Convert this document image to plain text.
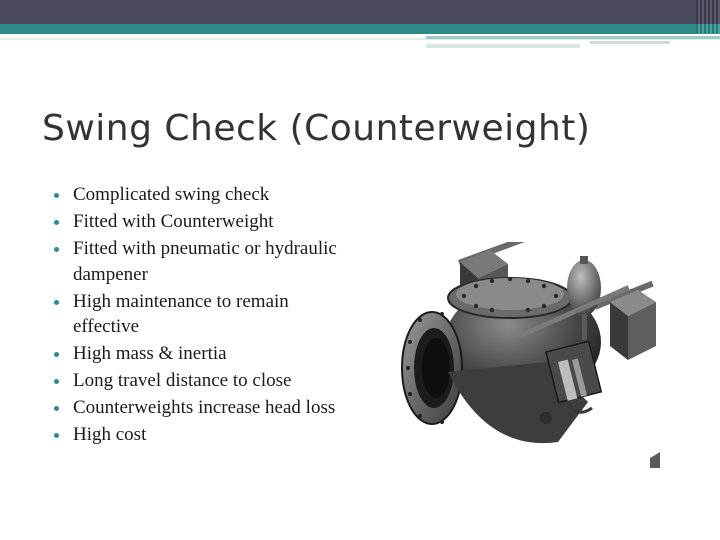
Swing Check (Counterweight)
Complicated swing check
Fitted with Counterweight
Fitted with pneumatic or hydraulic dampener
High maintenance to remain effective
High mass & inertia
Long travel distance to close
Counterweights increase head loss
High cost
